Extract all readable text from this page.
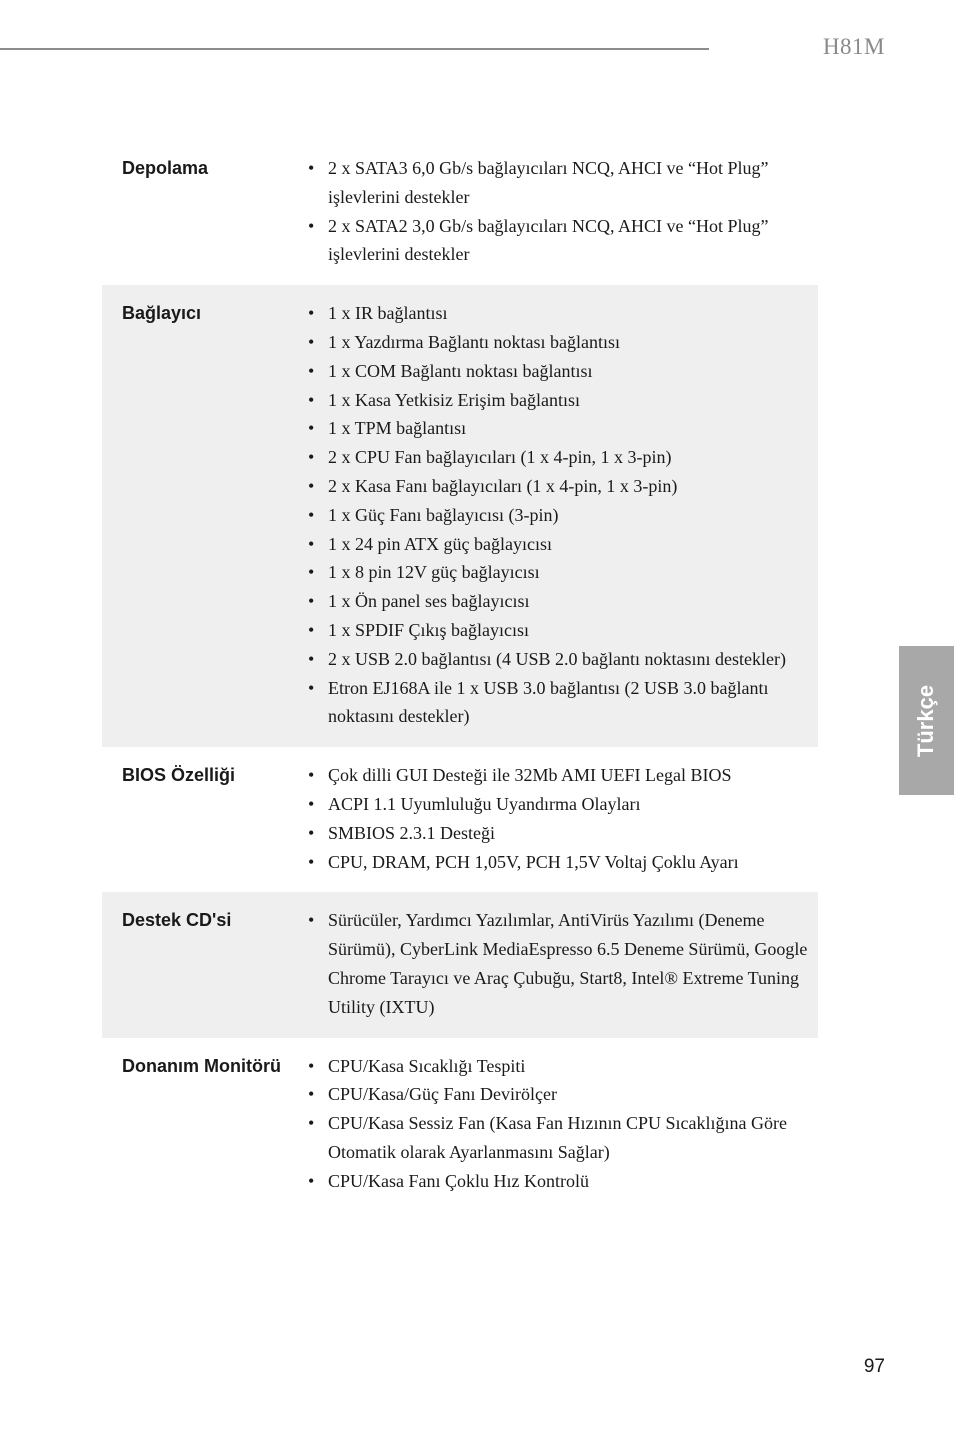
H81M
Türkçe
Depolama	• 2 x SATA3 6,0 Gb/s bağlayıcıları NCQ, AHCI ve “Hot Plug” işlevlerini destekler
• 2 x SATA2 3,0 Gb/s bağlayıcıları NCQ, AHCI ve “Hot Plug” işlevlerini destekler
Bağlayıcı	• 1 x IR bağlantısı
• 1 x Yazdırma Bağlantı noktası bağlantısı
• 1 x COM Bağlantı noktası bağlantısı
• 1 x Kasa Yetkisiz Erişim bağlantısı
• 1 x TPM bağlantısı
• 2 x CPU Fan bağlayıcıları (1 x 4-pin, 1 x 3-pin)
• 2 x Kasa Fanı bağlayıcıları (1 x 4-pin, 1 x 3-pin)
• 1 x Güç Fanı bağlayıcısı (3-pin)
• 1 x 24 pin ATX güç bağlayıcısı
• 1 x 8 pin 12V güç bağlayıcısı
• 1 x Ön panel ses bağlayıcısı
• 1 x SPDIF Çıkış bağlayıcısı
• 2 x USB 2.0 bağlantısı (4 USB 2.0 bağlantı noktasını destekler)
• Etron EJ168A ile 1 x USB 3.0 bağlantısı (2 USB 3.0 bağlantı noktasını destekler)
BIOS Özelliği	• Çok dilli GUI Desteği ile 32Mb AMI UEFI Legal BIOS
• ACPI 1.1 Uyumluluğu Uyandırma Olayları
• SMBIOS 2.3.1 Desteği
• CPU, DRAM, PCH 1,05V, PCH 1,5V Voltaj Çoklu Ayarı
Destek CD'si	• Sürücüler, Yardımcı Yazılımlar, AntiVirüs Yazılımı (Deneme Sürümü), CyberLink MediaEspresso 6.5 Deneme Sürümü, Google Chrome Tarayıcı ve Araç Çubuğu, Start8, Intel® Extreme Tuning Utility (IXTU)
Donanım Monitörü	• CPU/Kasa Sıcaklığı Tespiti
• CPU/Kasa/Güç Fanı Devirölçer
• CPU/Kasa Sessiz Fan (Kasa Fan Hızının CPU Sıcaklığına Göre Otomatik olarak Ayarlanmasını Sağlar)
• CPU/Kasa Fanı Çoklu Hız Kontrolü
97
